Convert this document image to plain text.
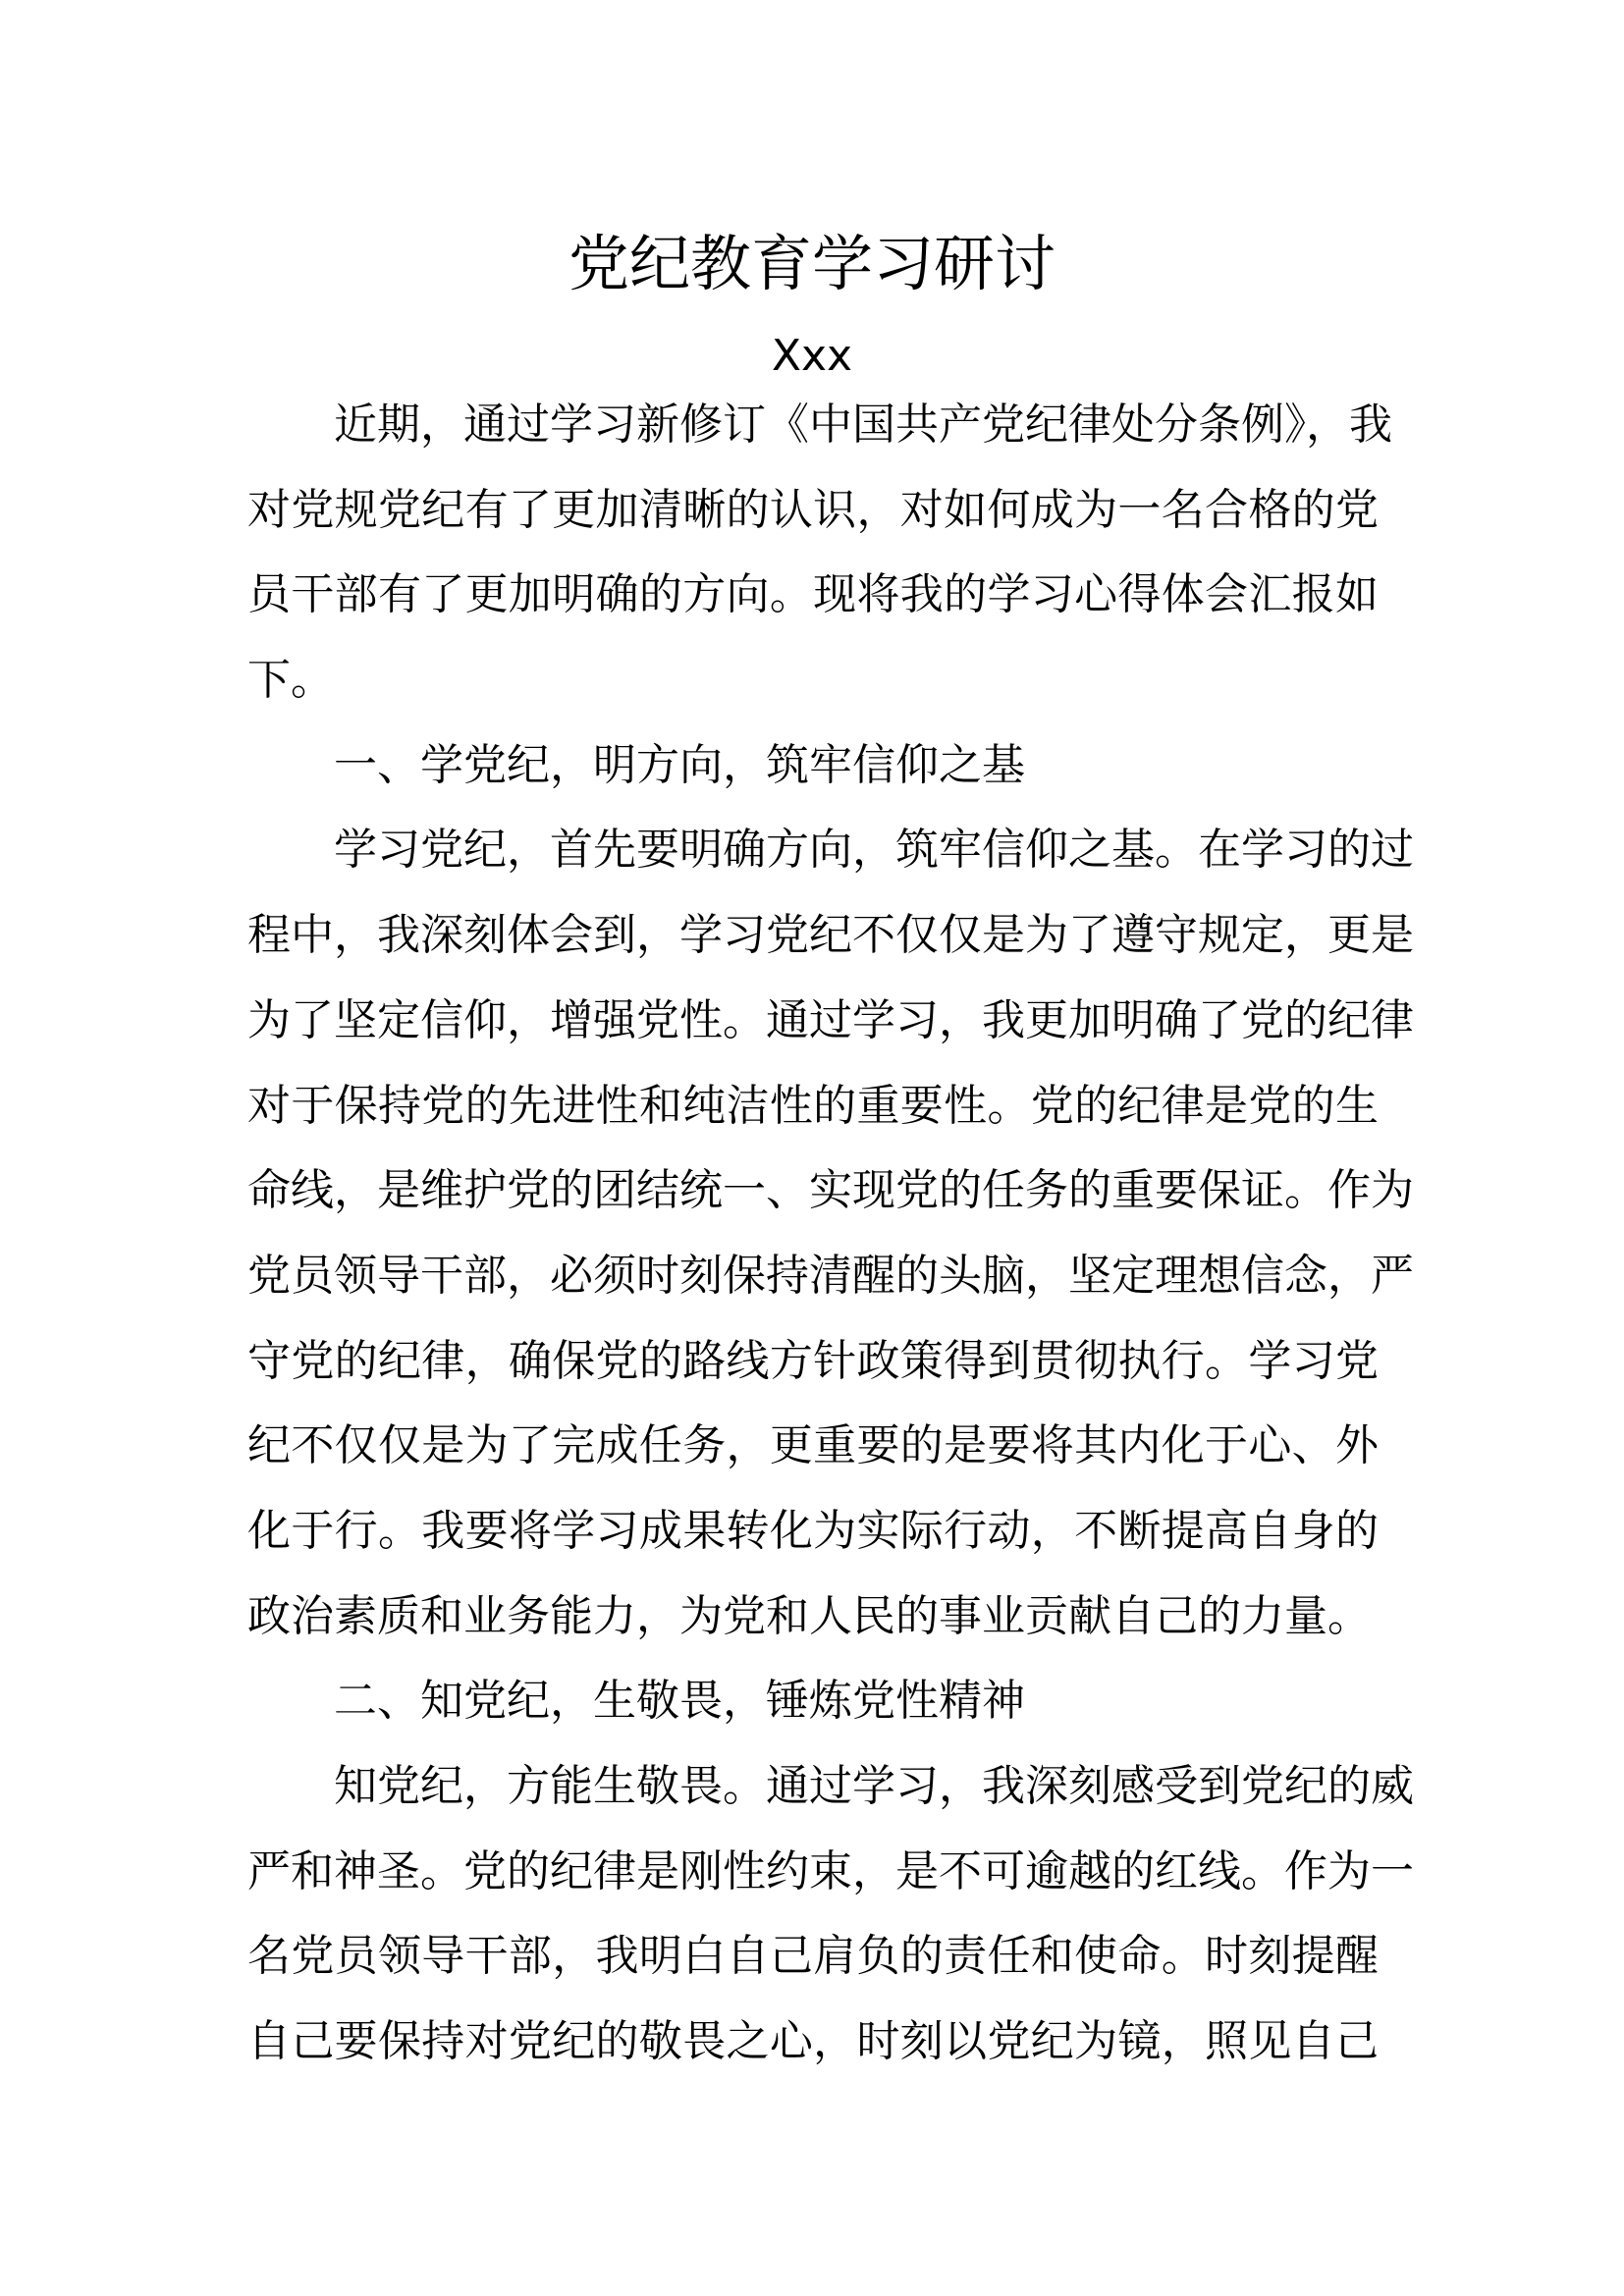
党纪教育学习研讨
Xxx
近期，通过学习新修订《中国共产党纪律处分条例》，我
对党规党纪有了更加清晰的认识，对如何成为一名合格的党
员干部有了更加明确的方向。现将我的学习心得体会汇报如
下。
一、学党纪，明方向，筑牢信仰之基
学习党纪，首先要明确方向，筑牢信仰之基。在学习的过
程中，我深刻体会到，学习党纪不仅仅是为了遵守规定，更是
为了坚定信仰，增强党性。通过学习，我更加明确了党的纪律
对于保持党的先进性和纯洁性的重要性。党的纪律是党的生
命线，是维护党的团结统一、实现党的任务的重要保证。作为
党员领导干部，必须时刻保持清醒的头脑，坚定理想信念，严
守党的纪律，确保党的路线方针政策得到贯彻执行。学习党
纪不仅仅是为了完成任务，更重要的是要将其内化于心、外
化于行。我要将学习成果转化为实际行动，不断提高自身的
政治素质和业务能力，为党和人民的事业贡献自己的力量。
二、知党纪，生敬畏，锤炼党性精神
知党纪，方能生敬畏。通过学习，我深刻感受到党纪的威
严和神圣。党的纪律是刚性约束，是不可逾越的红线。作为一
名党员领导干部，我明白自己肩负的责任和使命。时刻提醒
自己要保持对党纪的敬畏之心，时刻以党纪为镜，照见自己
